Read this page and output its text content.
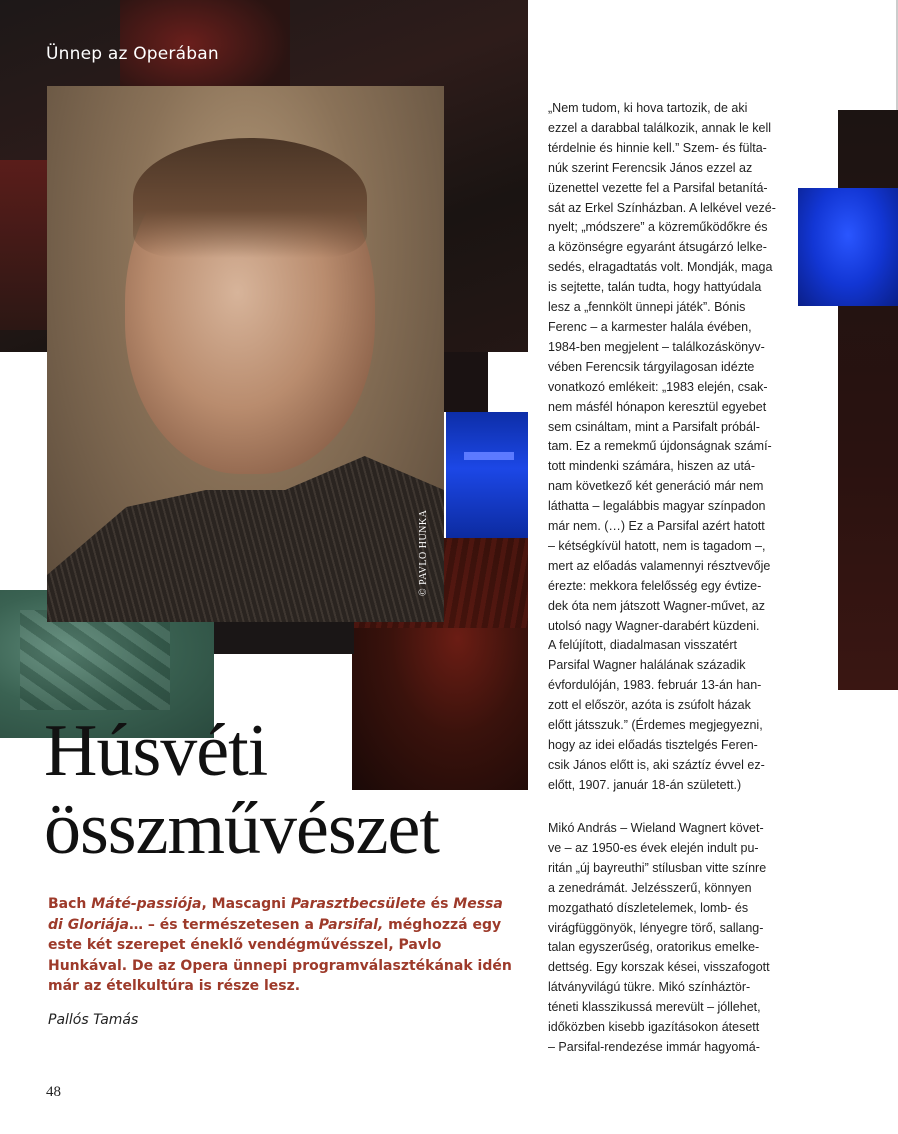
© PAVLO HUNKA
Ünnep az Operában
Húsvéti
összművészet
Bach Máté-passiója, Mascagni Parasztbecsülete és Messa di Gloriája… – és természetesen a Parsifal, méghozzá egy este két szerepet éneklő vendégművésszel, Pavlo Hunkával. De az Opera ünnepi programválasztékának idén már az ételkultúra is része lesz.
Pallós Tamás
„Nem tudom, ki hova tartozik, de aki
ezzel a darabbal találkozik, annak le kell
térdelnie és hinnie kell.” Szem- és fülta-
núk szerint Ferencsik János ezzel az
üzenettel vezette fel a Parsifal betanítá-
sát az Erkel Színházban. A lelkével vezé-
nyelt; „módszere” a közreműködőkre és
a közönségre egyaránt átsugárzó lelke-
sedés, elragadtatás volt. Mondják, maga
is sejtette, talán tudta, hogy hattyúdala
lesz a „fennkölt ünnepi játék”. Bónis
Ferenc – a karmester halála évében,
1984-ben megjelent – találkozáskönyv-
vében Ferencsik tárgyilagosan idézte
vonatkozó emlékeit: „1983 elején, csak-
nem másfél hónapon keresztül egyebet
sem csináltam, mint a Parsifalt próbál-
tam. Ez a remekmű újdonságnak számí-
tott mindenki számára, hiszen az utá-
nam következő két generáció már nem
láthatta – legalábbis magyar színpadon
már nem. (…) Ez a Parsifal azért hatott
– kétségkívül hatott, nem is tagadom –,
mert az előadás valamennyi résztvevője
érezte: mekkora felelősség egy évtize-
dek óta nem játszott Wagner-művet, az
utolsó nagy Wagner-darabért küzdeni.
A felújított, diadalmasan visszatért
Parsifal Wagner halálának századik
évfordulóján, 1983. február 13-án han-
zott el először, azóta is zsúfolt házak
előtt játsszuk.” (Érdemes megjegyezni,
hogy az idei előadás tisztelgés Feren-
csik János előtt is, aki száztíz évvel ez-
előtt, 1907. január 18-án született.)
Mikó András – Wieland Wagnert követ-
ve – az 1950-es évek elején indult pu-
ritán „új bayreuthi” stílusban vitte színre
a zenedrámát. Jelzésszerű, könnyen
mozgatható díszletelemek, lomb- és
virágfüggönyök, lényegre törő, sallang-
talan egyszerűség, oratorikus emelke-
dettség. Egy korszak kései, visszafogott
látványvilágú tükre. Mikó színháztör-
téneti klasszikussá merevült – jóllehet,
időközben kisebb igazításokon átesett
– Parsifal-rendezése immár hagyomá-
48
